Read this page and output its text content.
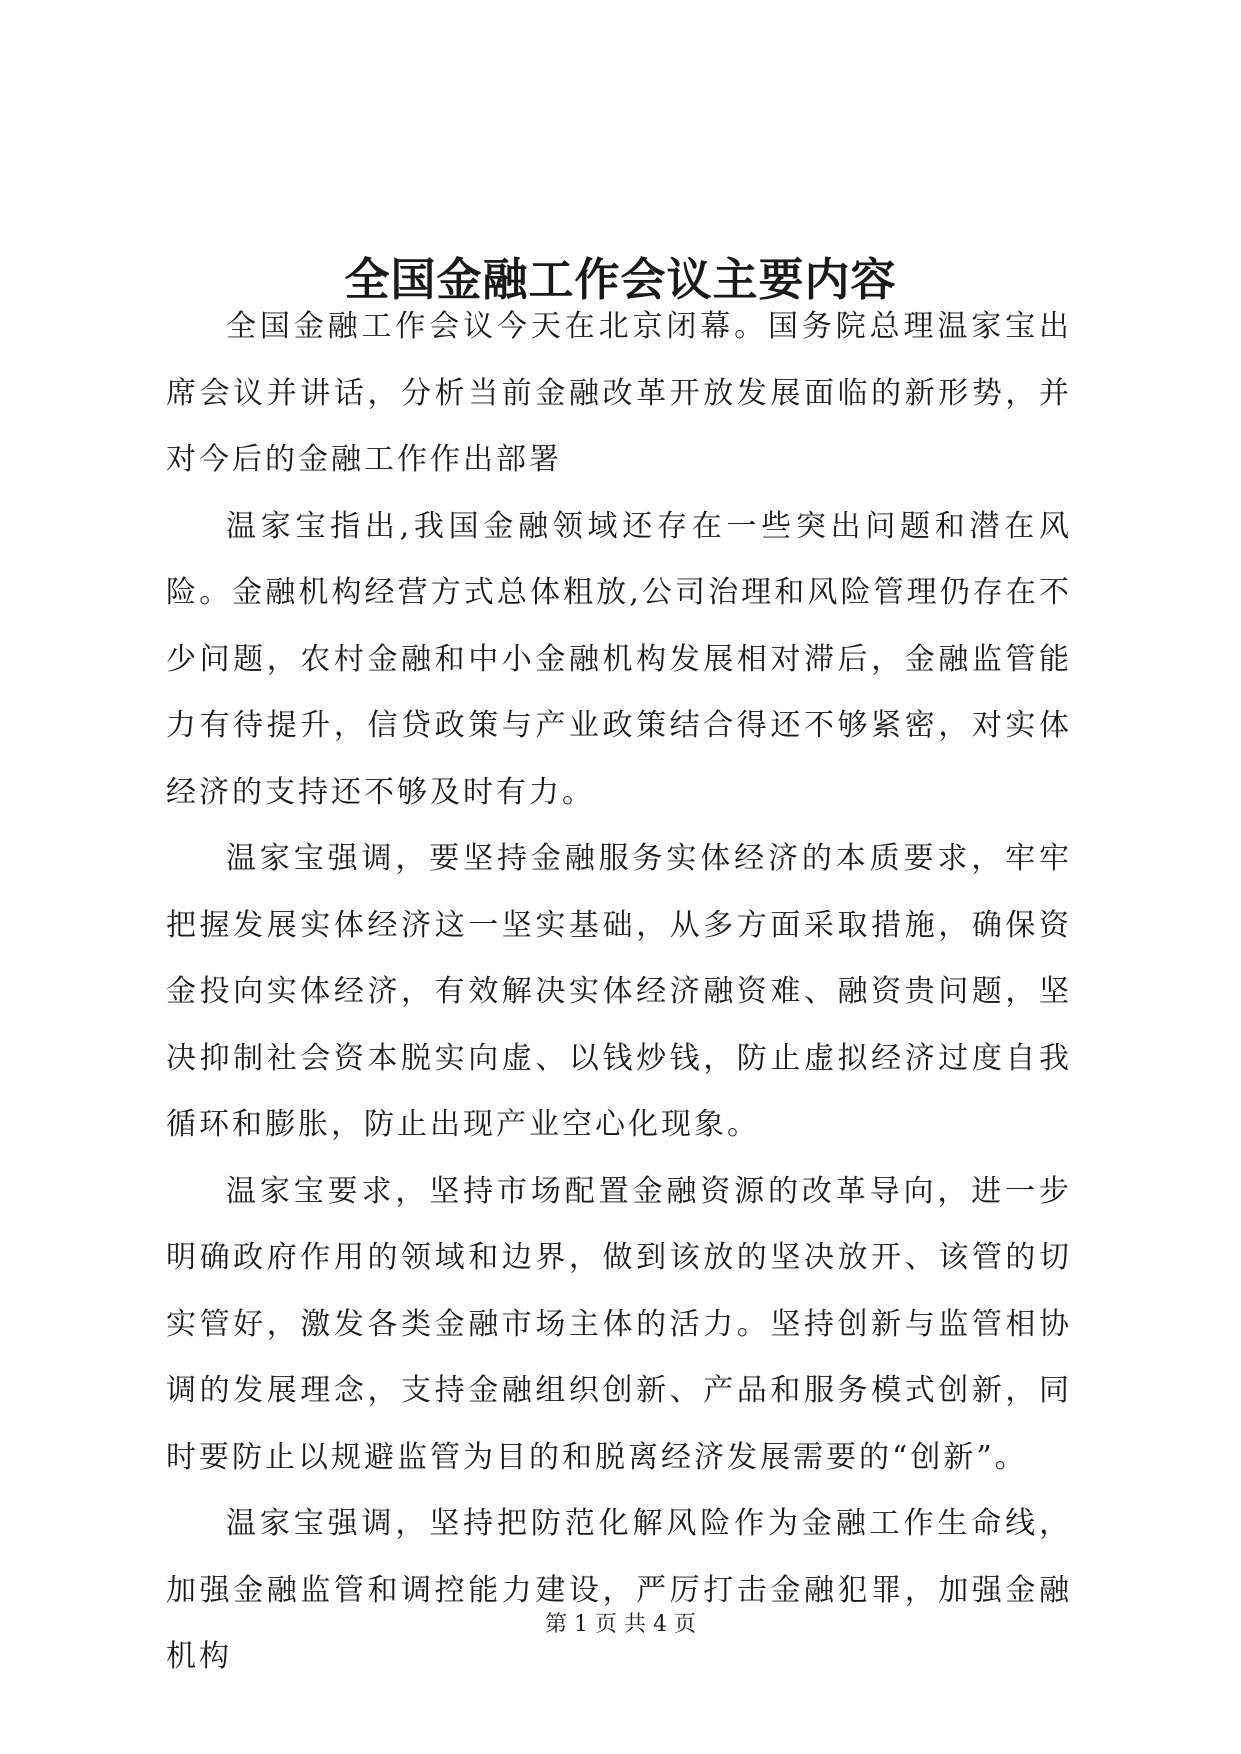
全国金融工作会议主要内容

全国金融工作会议今天在北京闭幕。国务院总理温家宝出席会议并讲话，分析当前金融改革开放发展面临的新形势，并对今后的金融工作作出部署

温家宝指出,我国金融领域还存在一些突出问题和潜在风险。金融机构经营方式总体粗放,公司治理和风险管理仍存在不少问题，农村金融和中小金融机构发展相对滞后，金融监管能力有待提升，信贷政策与产业政策结合得还不够紧密，对实体经济的支持还不够及时有力。

温家宝强调，要坚持金融服务实体经济的本质要求，牢牢把握发展实体经济这一坚实基础，从多方面采取措施，确保资金投向实体经济，有效解决实体经济融资难、融资贵问题，坚决抑制社会资本脱实向虚、以钱炒钱，防止虚拟经济过度自我循环和膨胀，防止出现产业空心化现象。

温家宝要求，坚持市场配置金融资源的改革导向，进一步明确政府作用的领域和边界，做到该放的坚决放开、该管的切实管好，激发各类金融市场主体的活力。坚持创新与监管相协调的发展理念，支持金融组织创新、产品和服务模式创新，同时要防止以规避监管为目的和脱离经济发展需要的“创新”。

温家宝强调，坚持把防范化解风险作为金融工作生命线，加强金融监管和调控能力建设，严厉打击金融犯罪，加强金融机构

第 1 页 共 4 页
